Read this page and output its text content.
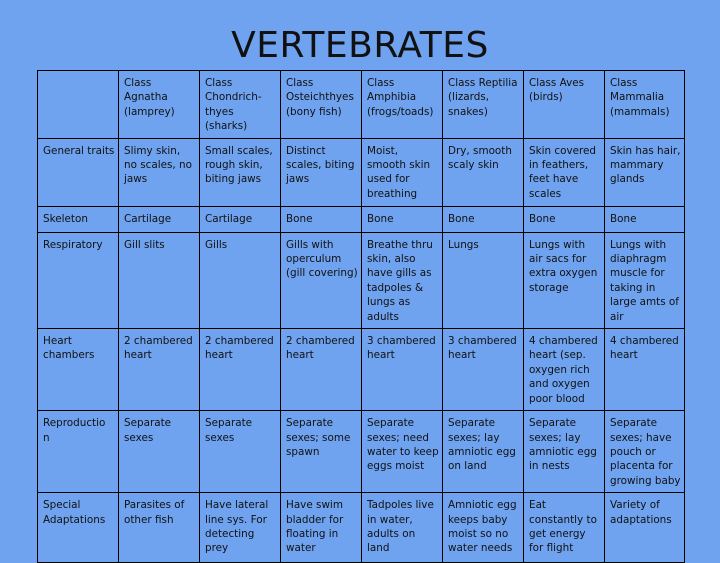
VERTEBRATES
	Class Agnatha (lamprey)	Class Chondrich-thyes (sharks)	Class Osteichthyes (bony fish)	Class Amphibia (frogs/toads)	Class Reptilia (lizards, snakes)	Class Aves (birds)	Class Mammalia (mammals)
General traits	Slimy skin, no scales, no jaws	Small scales, rough skin, biting jaws	Distinct scales, biting jaws	Moist, smooth skin used for breathing	Dry, smooth scaly skin	Skin covered in feathers, feet have scales	Skin has hair, mammary glands
Skeleton	Cartilage	Cartilage	Bone	Bone	Bone	Bone	Bone
Respiratory	Gill slits	Gills	Gills with operculum (gill covering)	Breathe thru skin, also have gills as tadpoles & lungs as adults	Lungs	Lungs with air sacs for extra oxygen storage	Lungs with diaphragm muscle for taking in large amts of air
Heart chambers	2 chambered heart	2 chambered heart	2 chambered heart	3 chambered heart	3 chambered heart	4 chambered heart (sep. oxygen rich and oxygen poor blood	4 chambered heart
Reproductio n	Separate sexes	Separate sexes	Separate sexes; some spawn	Separate sexes; need water to keep eggs moist	Separate sexes; lay amniotic egg on land	Separate sexes; lay amniotic egg in nests	Separate sexes; have pouch or placenta for growing baby
Special Adaptations	Parasites of other fish	Have lateral line sys. For detecting prey	Have swim bladder for floating in water	Tadpoles live in water, adults on land	Amniotic egg keeps baby moist so no water needs	Eat constantly to get energy for flight	Variety of adaptations
